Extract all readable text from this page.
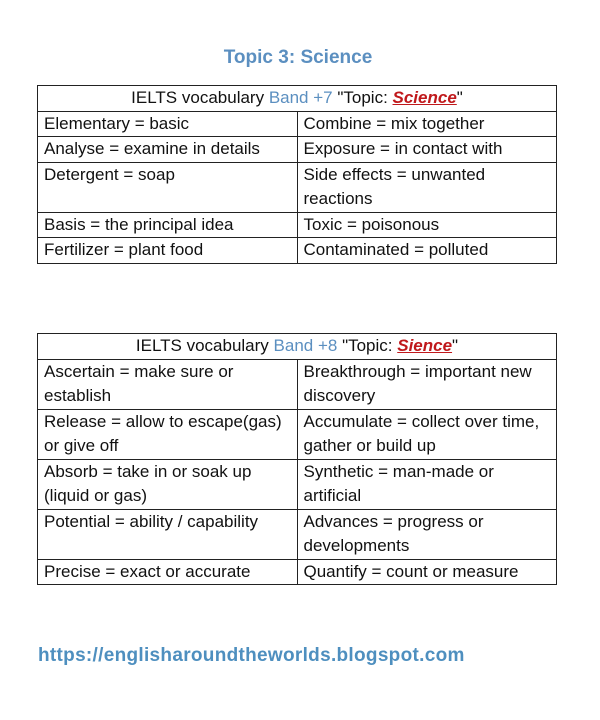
Topic 3: Science
IELTS vocabulary Band +7 "Topic: Science"	
Elementary = basic	Combine = mix together
Analyse = examine in details	Exposure = in contact with
Detergent = soap	Side effects = unwanted reactions
Basis = the principal idea	Toxic = poisonous
Fertilizer = plant food	Contaminated = polluted
IELTS vocabulary Band +8 "Topic: Sience"	
Ascertain = make sure or establish	Breakthrough = important new discovery
Release = allow to escape(gas) or give off	Accumulate = collect over time, gather or build up
Absorb = take in or soak up (liquid or gas)	Synthetic = man-made or artificial
Potential = ability / capability	Advances = progress or developments
Precise = exact or accurate	Quantify = count or measure
https://englisharoundtheworlds.blogspot.com
